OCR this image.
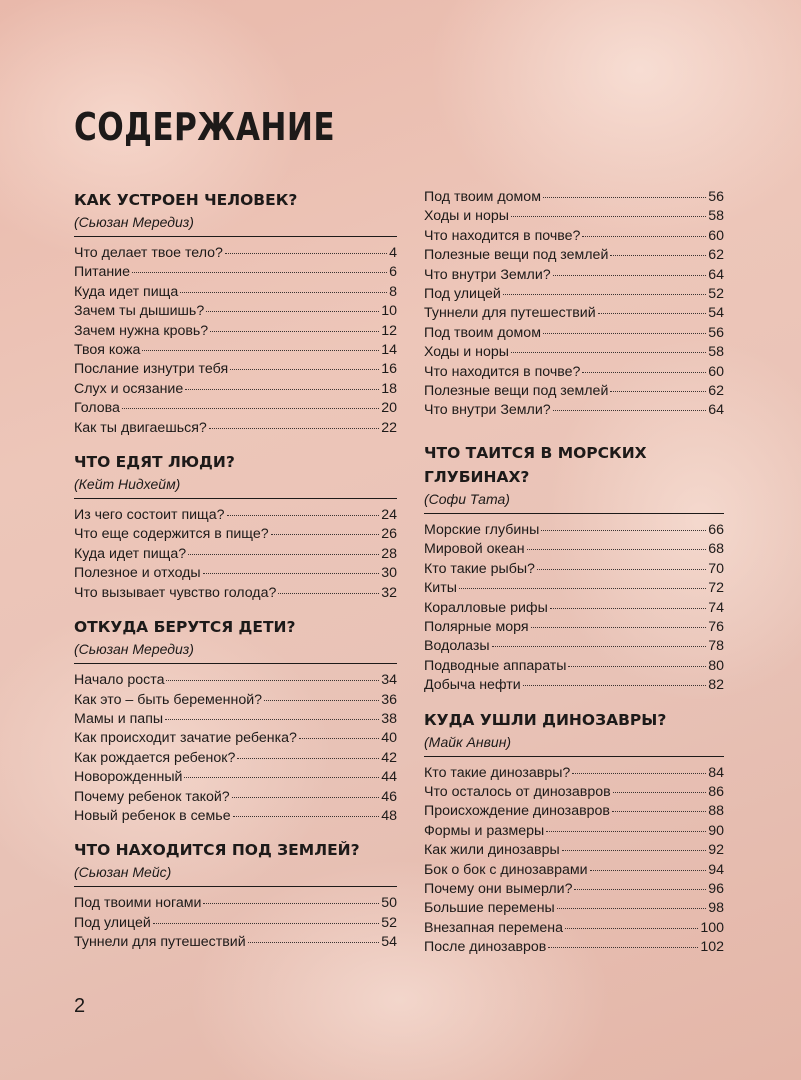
СОДЕРЖАНИЕ
КАК УСТРОЕН ЧЕЛОВЕК?
(Сьюзан Мередиз)
Что делает твое тело?	4
Питание	6
Куда идет пища	8
Зачем ты дышишь?	10
Зачем нужна кровь?	12
Твоя кожа	14
Послание изнутри тебя	16
Слух и осязание	18
Голова	20
Как ты двигаешься?	22
ЧТО ЕДЯТ ЛЮДИ?
(Кейт Нидхейм)
Из чего состоит пища?	24
Что еще содержится в пище?	26
Куда идет пища?	28
Полезное и отходы	30
Что вызывает чувство голода?	32
ОТКУДА БЕРУТСЯ ДЕТИ?
(Сьюзан Мередиз)
Начало роста	34
Как это – быть беременной?	36
Мамы и папы	38
Как происходит зачатие ребенка?	40
Как рождается ребенок?	42
Новорожденный	44
Почему ребенок такой?	46
Новый ребенок в семье	48
ЧТО НАХОДИТСЯ ПОД ЗЕМЛЕЙ?
(Сьюзан Мейс)
Под твоими ногами	50
Под улицей	52
Туннели для путешествий	54
Под твоим домом	56
Ходы и норы	58
Что находится в почве?	60
Полезные вещи под землей	62
Что внутри Земли?	64
Под улицей	52
Туннели для путешествий	54
Под твоим домом	56
Ходы и норы	58
Что находится в почве?	60
Полезные вещи под землей	62
Что внутри Земли?	64
ЧТО ТАИТСЯ В МОРСКИХ ГЛУБИНАХ?
(Софи Тата)
Морские глубины	66
Мировой океан	68
Кто такие рыбы?	70
Киты	72
Коралловые рифы	74
Полярные моря	76
Водолазы	78
Подводные аппараты	80
Добыча нефти	82
КУДА УШЛИ ДИНОЗАВРЫ?
(Майк Анвин)
Кто такие динозавры?	84
Что осталось от динозавров	86
Происхождение динозавров	88
Формы и размеры	90
Как жили динозавры	92
Бок о бок с динозаврами	94
Почему они вымерли?	96
Большие перемены	98
Внезапная перемена	100
После динозавров	102

2
